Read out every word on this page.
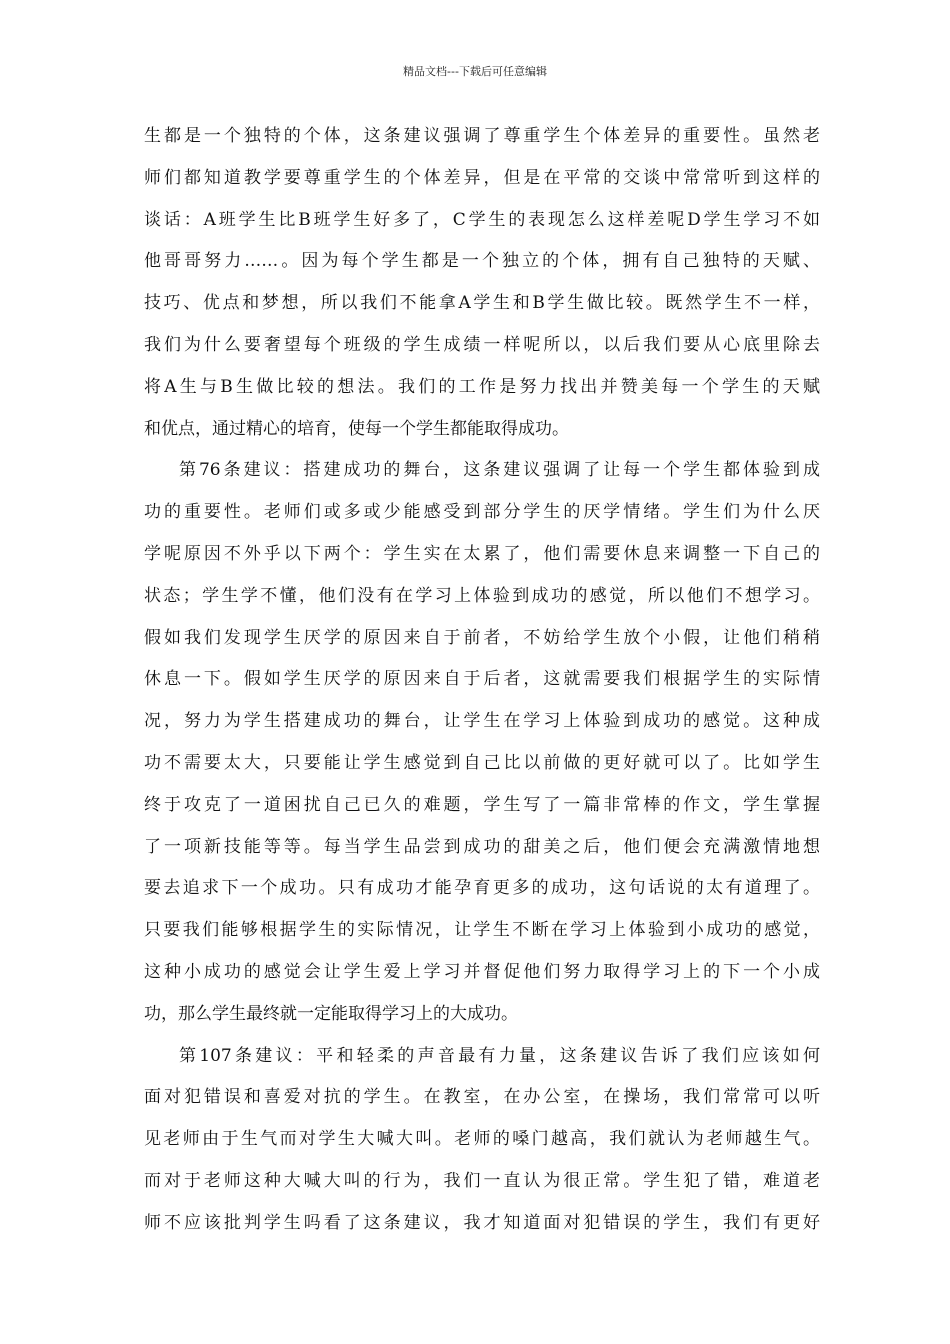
精品文档---下载后可任意编辑
生都是一个独特的个体，这条建议强调了尊重学生个体差异的重要性。虽然老
师们都知道教学要尊重学生的个体差异，但是在平常的交谈中常常听到这样的
谈话：A班学生比B班学生好多了，C学生的表现怎么这样差呢D学生学习不如
他哥哥努力……。因为每个学生都是一个独立的个体，拥有自己独特的天赋、
技巧、优点和梦想，所以我们不能拿A学生和B学生做比较。既然学生不一样，
我们为什么要奢望每个班级的学生成绩一样呢所以，以后我们要从心底里除去
将A生与B生做比较的想法。我们的工作是努力找出并赞美每一个学生的天赋
和优点，通过精心的培育，使每一个学生都能取得成功。
第76条建议：搭建成功的舞台，这条建议强调了让每一个学生都体验到成
功的重要性。老师们或多或少能感受到部分学生的厌学情绪。学生们为什么厌
学呢原因不外乎以下两个：学生实在太累了，他们需要休息来调整一下自己的
状态；学生学不懂，他们没有在学习上体验到成功的感觉，所以他们不想学习。
假如我们发现学生厌学的原因来自于前者，不妨给学生放个小假，让他们稍稍
休息一下。假如学生厌学的原因来自于后者，这就需要我们根据学生的实际情
况，努力为学生搭建成功的舞台，让学生在学习上体验到成功的感觉。这种成
功不需要太大，只要能让学生感觉到自己比以前做的更好就可以了。比如学生
终于攻克了一道困扰自己已久的难题，学生写了一篇非常棒的作文，学生掌握
了一项新技能等等。每当学生品尝到成功的甜美之后，他们便会充满激情地想
要去追求下一个成功。只有成功才能孕育更多的成功，这句话说的太有道理了。
只要我们能够根据学生的实际情况，让学生不断在学习上体验到小成功的感觉，
这种小成功的感觉会让学生爱上学习并督促他们努力取得学习上的下一个小成
功，那么学生最终就一定能取得学习上的大成功。
第107条建议：平和轻柔的声音最有力量，这条建议告诉了我们应该如何
面对犯错误和喜爱对抗的学生。在教室，在办公室，在操场，我们常常可以听
见老师由于生气而对学生大喊大叫。老师的嗓门越高，我们就认为老师越生气。
而对于老师这种大喊大叫的行为，我们一直认为很正常。学生犯了错，难道老
师不应该批判学生吗看了这条建议，我才知道面对犯错误的学生，我们有更好
